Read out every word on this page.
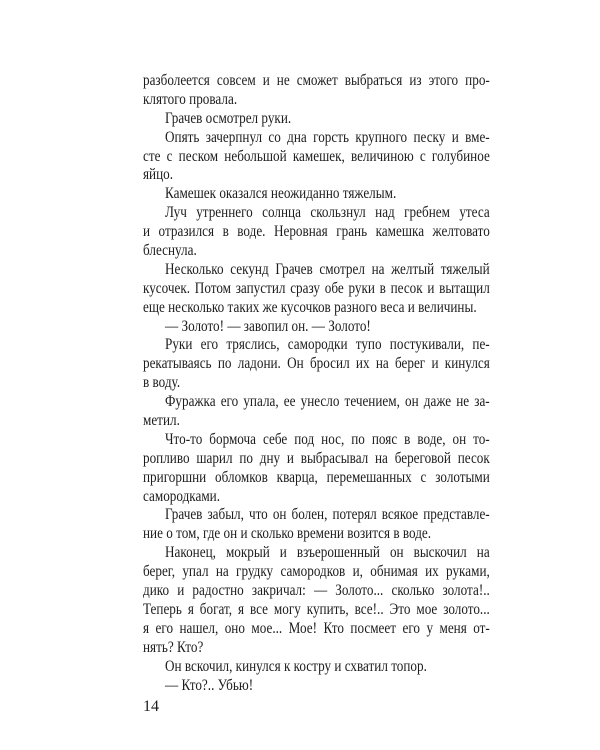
разболеется совсем и не сможет выбраться из этого про-
клятого провала.
Грачев осмотрел руки.
Опять зачерпнул со дна горсть крупного песку и вме-
сте с песком небольшой камешек, величиною с голубиное
яйцо.
Камешек оказался неожиданно тяжелым.
Луч утреннего солнца скользнул над гребнем утеса
и отразился в воде. Неровная грань камешка желтовато
блеснула.
Несколько секунд Грачев смотрел на желтый тяжелый
кусочек. Потом запустил сразу обе руки в песок и вытащил
еще несколько таких же кусочков разного веса и величины.
— Золото! — завопил он. — Золото!
Руки его тряслись, самородки тупо постукивали, пе-
рекатываясь по ладони. Он бросил их на берег и кинулся
в воду.
Фуражка его упала, ее унесло течением, он даже не за-
метил.
Что-то бормоча себе под нос, по пояс в воде, он то-
ропливо шарил по дну и выбрасывал на береговой песок
пригоршни обломков кварца, перемешанных с золотыми
самородками.
Грачев забыл, что он болен, потерял всякое представле-
ние о том, где он и сколько времени возится в воде.
Наконец, мокрый и взъерошенный он выскочил на
берег, упал на грудку самородков и, обнимая их руками,
дико и радостно закричал: — Золото... сколько золота!..
Теперь я богат, я все могу купить, все!.. Это мое золото...
я его нашел, оно мое... Мое! Кто посмеет его у меня от-
нять? Кто?
Он вскочил, кинулся к костру и схватил топор.
— Кто?.. Убью!
14
